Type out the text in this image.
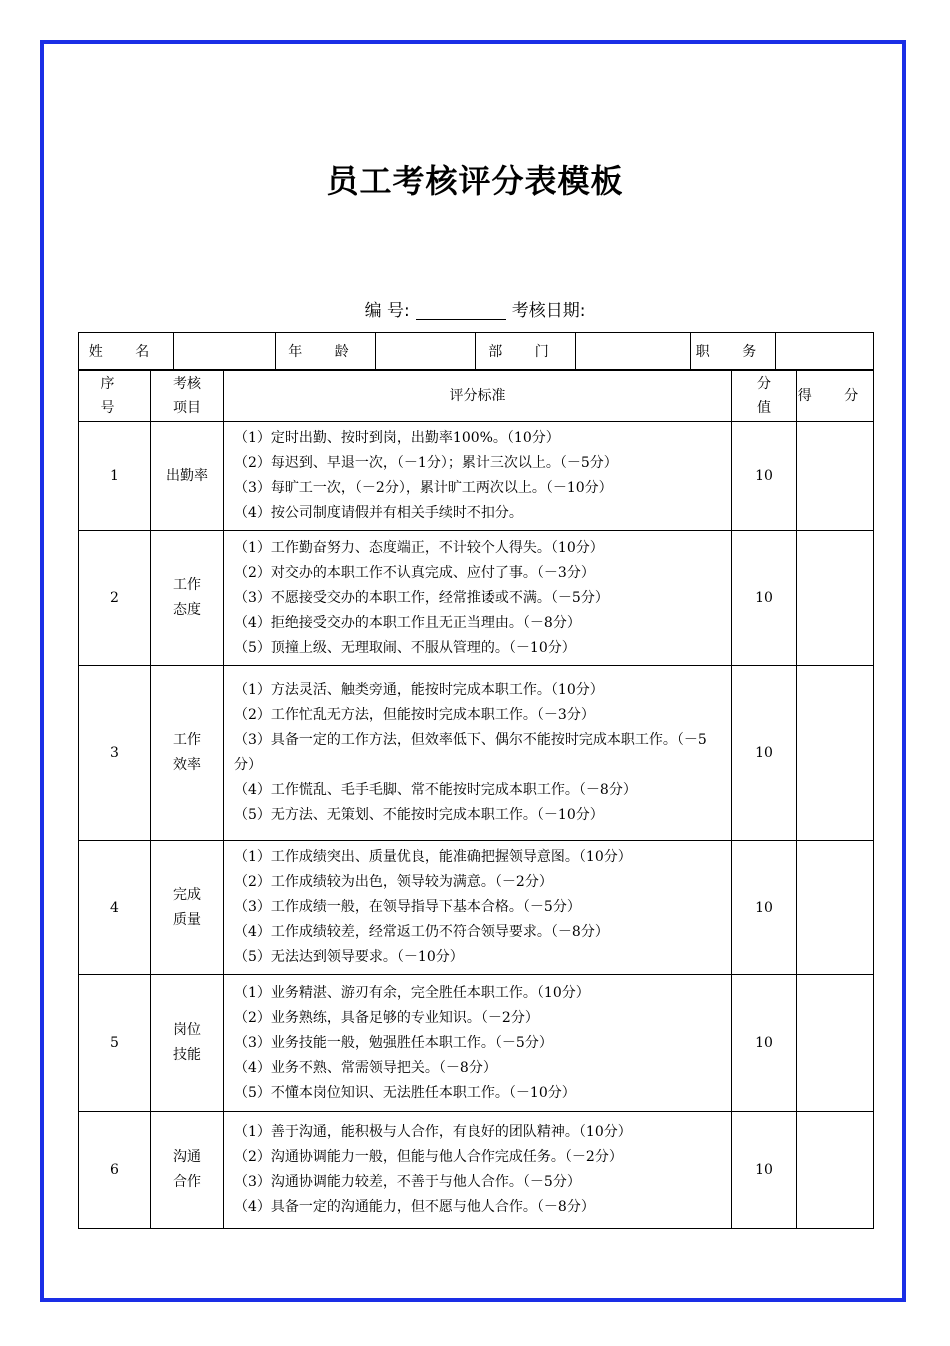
员工考核评分表模板
编 号:	考核日期:
姓 名		年 龄		部 门		职 务	
序 号	考核项目	评分标准	分值	得 分
1	出勤率	（1）定时出勤、按时到岗，出勤率100%。（10分）
（2）每迟到、早退一次，（－1分）；累计三次以上。（－5分）
（3）每旷工一次，（－2分），累计旷工两次以上。（－10分）
（4）按公司制度请假并有相关手续时不扣分。	10	
2	工作态度	（1）工作勤奋努力、态度端正，不计较个人得失。（10分）
（2）对交办的本职工作不认真完成、应付了事。（－3分）
（3）不愿接受交办的本职工作，经常推诿或不满。（－5分）
（4）拒绝接受交办的本职工作且无正当理由。（－8分）
（5）顶撞上级、无理取闹、不服从管理的。（－10分）	10	
3	工作效率	（1）方法灵活、触类旁通，能按时完成本职工作。（10分）
（2）工作忙乱无方法，但能按时完成本职工作。（－3分）
（3）具备一定的工作方法，但效率低下、偶尔不能按时完成本职工作。（－5分）
（4）工作慌乱、毛手毛脚、常不能按时完成本职工作。（－8分）
（5）无方法、无策划、不能按时完成本职工作。（－10分）	10	
4	完成质量	（1）工作成绩突出、质量优良，能准确把握领导意图。（10分）
（2）工作成绩较为出色，领导较为满意。（－2分）
（3）工作成绩一般，在领导指导下基本合格。（－5分）
（4）工作成绩较差，经常返工仍不符合领导要求。（－8分）
（5）无法达到领导要求。（－10分）	10	
5	岗位技能	（1）业务精湛、游刃有余，完全胜任本职工作。（10分）
（2）业务熟练，具备足够的专业知识。（－2分）
（3）业务技能一般，勉强胜任本职工作。（－5分）
（4）业务不熟、常需领导把关。（－8分）
（5）不懂本岗位知识、无法胜任本职工作。（－10分）	10	
6	沟通合作	（1）善于沟通，能积极与人合作，有良好的团队精神。（10分）
（2）沟通协调能力一般，但能与他人合作完成任务。（－2分）
（3）沟通协调能力较差，不善于与他人合作。（－5分）
（4）具备一定的沟通能力，但不愿与他人合作。（－8分）	10	
